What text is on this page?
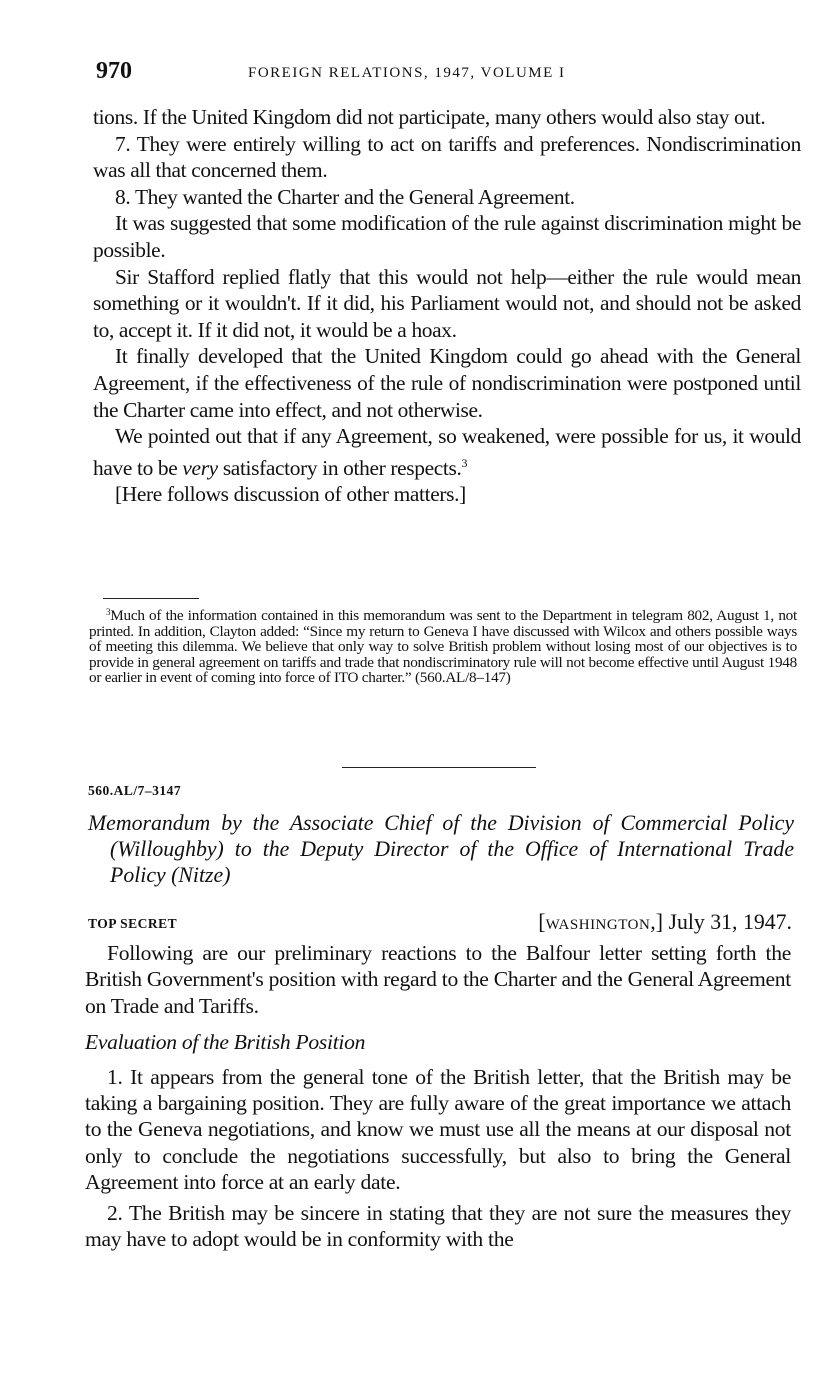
970	FOREIGN RELATIONS, 1947, VOLUME I

tions. If the United Kingdom did not participate, many others would also stay out.

7. They were entirely willing to act on tariffs and preferences. Nondiscrimination was all that concerned them.

8. They wanted the Charter and the General Agreement.

It was suggested that some modification of the rule against discrimination might be possible.

Sir Stafford replied flatly that this would not help—either the rule would mean something or it wouldn't. If it did, his Parliament would not, and should not be asked to, accept it. If it did not, it would be a hoax.

It finally developed that the United Kingdom could go ahead with the General Agreement, if the effectiveness of the rule of nondiscrimination were postponed until the Charter came into effect, and not otherwise.

We pointed out that if any Agreement, so weakened, were possible for us, it would have to be very satisfactory in other respects.$^3$

[Here follows discussion of other matters.]

$^3$Much of the information contained in this memorandum was sent to the Department in telegram 802, August 1, not printed. In addition, Clayton added: “Since my return to Geneva I have discussed with Wilcox and others possible ways of meeting this dilemma. We believe that only way to solve British problem without losing most of our objectives is to provide in general agreement on tariffs and trade that nondiscriminatory rule will not become effective until August 1948 or earlier in event of coming into force of ITO charter.” (560.AL/8–147)

560.AL/7–3147

Memorandum by the Associate Chief of the Division of Commercial Policy (Willoughby) to the Deputy Director of the Office of International Trade Policy (Nitze)

TOP SECRET	[WASHINGTON,] July 31, 1947.

Following are our preliminary reactions to the Balfour letter setting forth the British Government's position with regard to the Charter and the General Agreement on Trade and Tariffs.

Evaluation of the British Position

1. It appears from the general tone of the British letter, that the British may be taking a bargaining position. They are fully aware of the great importance we attach to the Geneva negotiations, and know we must use all the means at our disposal not only to conclude the negotiations successfully, but also to bring the General Agreement into force at an early date.

2. The British may be sincere in stating that they are not sure the measures they may have to adopt would be in conformity with the
